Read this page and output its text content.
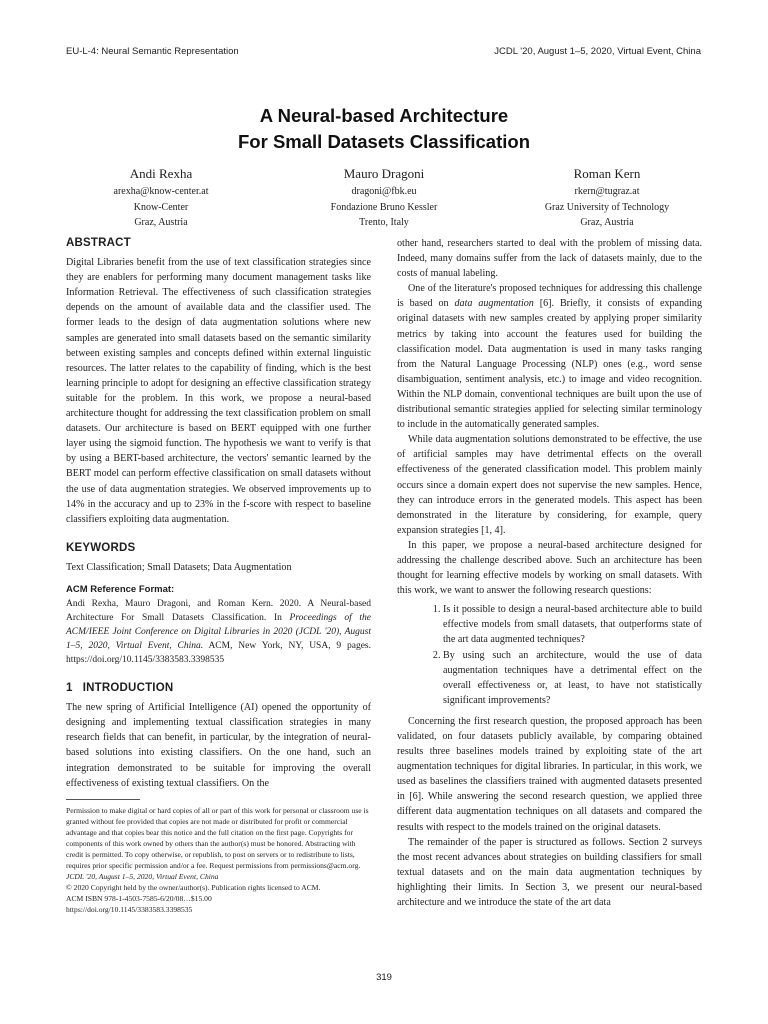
EU-L-4: Neural Semantic Representation	JCDL '20, August 1–5, 2020, Virtual Event, China
A Neural-based Architecture
For Small Datasets Classification
Andi Rexha
arexha@know-center.at
Know-Center
Graz, Austria
Mauro Dragoni
dragoni@fbk.eu
Fondazione Bruno Kessler
Trento, Italy
Roman Kern
rkern@tugraz.at
Graz University of Technology
Graz, Austria
ABSTRACT

Digital Libraries benefit from the use of text classification strategies since they are enablers for performing many document management tasks like Information Retrieval. The effectiveness of such classification strategies depends on the amount of available data and the classifier used. The former leads to the design of data augmentation solutions where new samples are generated into small datasets based on the semantic similarity between existing samples and concepts defined within external linguistic resources. The latter relates to the capability of finding, which is the best learning principle to adopt for designing an effective classification strategy suitable for the problem. In this work, we propose a neural-based architecture thought for addressing the text classification problem on small datasets. Our architecture is based on BERT equipped with one further layer using the sigmoid function. The hypothesis we want to verify is that by using a BERT-based architecture, the vectors' semantic learned by the BERT model can perform effective classification on small datasets without the use of data augmentation strategies. We observed improvements up to 14% in the accuracy and up to 23% in the f-score with respect to baseline classifiers exploiting data augmentation.

KEYWORDS

Text Classification; Small Datasets; Data Augmentation

ACM Reference Format:

Andi Rexha, Mauro Dragoni, and Roman Kern. 2020. A Neural-based Architecture For Small Datasets Classification. In Proceedings of the ACM/IEEE Joint Conference on Digital Libraries in 2020 (JCDL '20), August 1–5, 2020, Virtual Event, China. ACM, New York, NY, USA, 9 pages. https://doi.org/10.1145/3383583.3398535

1   INTRODUCTION

The new spring of Artificial Intelligence (AI) opened the opportunity of designing and implementing textual classification strategies in many research fields that can benefit, in particular, by the integration of neural-based solutions into existing classifiers. On the one hand, such an integration demonstrated to be suitable for improving the overall effectiveness of existing textual classifiers. On the

Permission to make digital or hard copies of all or part of this work for personal or classroom use is granted without fee provided that copies are not made or distributed for profit or commercial advantage and that copies bear this notice and the full citation on the first page. Copyrights for components of this work owned by others than the author(s) must be honored. Abstracting with credit is permitted. To copy otherwise, or republish, to post on servers or to redistribute to lists, requires prior specific permission and/or a fee. Request permissions from permissions@acm.org.
JCDL '20, August 1–5, 2020, Virtual Event, China
© 2020 Copyright held by the owner/author(s). Publication rights licensed to ACM.
ACM ISBN 978-1-4503-7585-6/20/08…$15.00
https://doi.org/10.1145/3383583.3398535

other hand, researchers started to deal with the problem of missing data. Indeed, many domains suffer from the lack of datasets mainly, due to the costs of manual labeling.

One of the literature's proposed techniques for addressing this challenge is based on data augmentation [6]. Briefly, it consists of expanding original datasets with new samples created by applying proper similarity metrics by taking into account the features used for building the classification model. Data augmentation is used in many tasks ranging from the Natural Language Processing (NLP) ones (e.g., word sense disambiguation, sentiment analysis, etc.) to image and video recognition. Within the NLP domain, conventional techniques are built upon the use of distributional semantic strategies applied for selecting similar terminology to include in the automatically generated samples.

While data augmentation solutions demonstrated to be effective, the use of artificial samples may have detrimental effects on the overall effectiveness of the generated classification model. This problem mainly occurs since a domain expert does not supervise the new samples. Hence, they can introduce errors in the generated models. This aspect has been demonstrated in the literature by considering, for example, query expansion strategies [1, 4].

In this paper, we propose a neural-based architecture designed for addressing the challenge described above. Such an architecture has been thought for learning effective models by working on small datasets. With this work, we want to answer the following research questions:

1. Is it possible to design a neural-based architecture able to build effective models from small datasets, that outperforms state of the art data augmented techniques?
2. By using such an architecture, would the use of data augmentation techniques have a detrimental effect on the overall effectiveness or, at least, to have not statistically significant improvements?

Concerning the first research question, the proposed approach has been validated, on four datasets publicly available, by comparing obtained results three baselines models trained by exploiting state of the art augmentation techniques for digital libraries. In particular, in this work, we used as baselines the classifiers trained with augmented datasets presented in [6]. While answering the second research question, we applied three different data augmentation techniques on all datasets and compared the results with respect to the models trained on the original datasets.

The remainder of the paper is structured as follows. Section 2 surveys the most recent advances about strategies on building classifiers for small textual datasets and on the main data augmentation techniques by highlighting their limits. In Section 3, we present our neural-based architecture and we introduce the state of the art data

319
